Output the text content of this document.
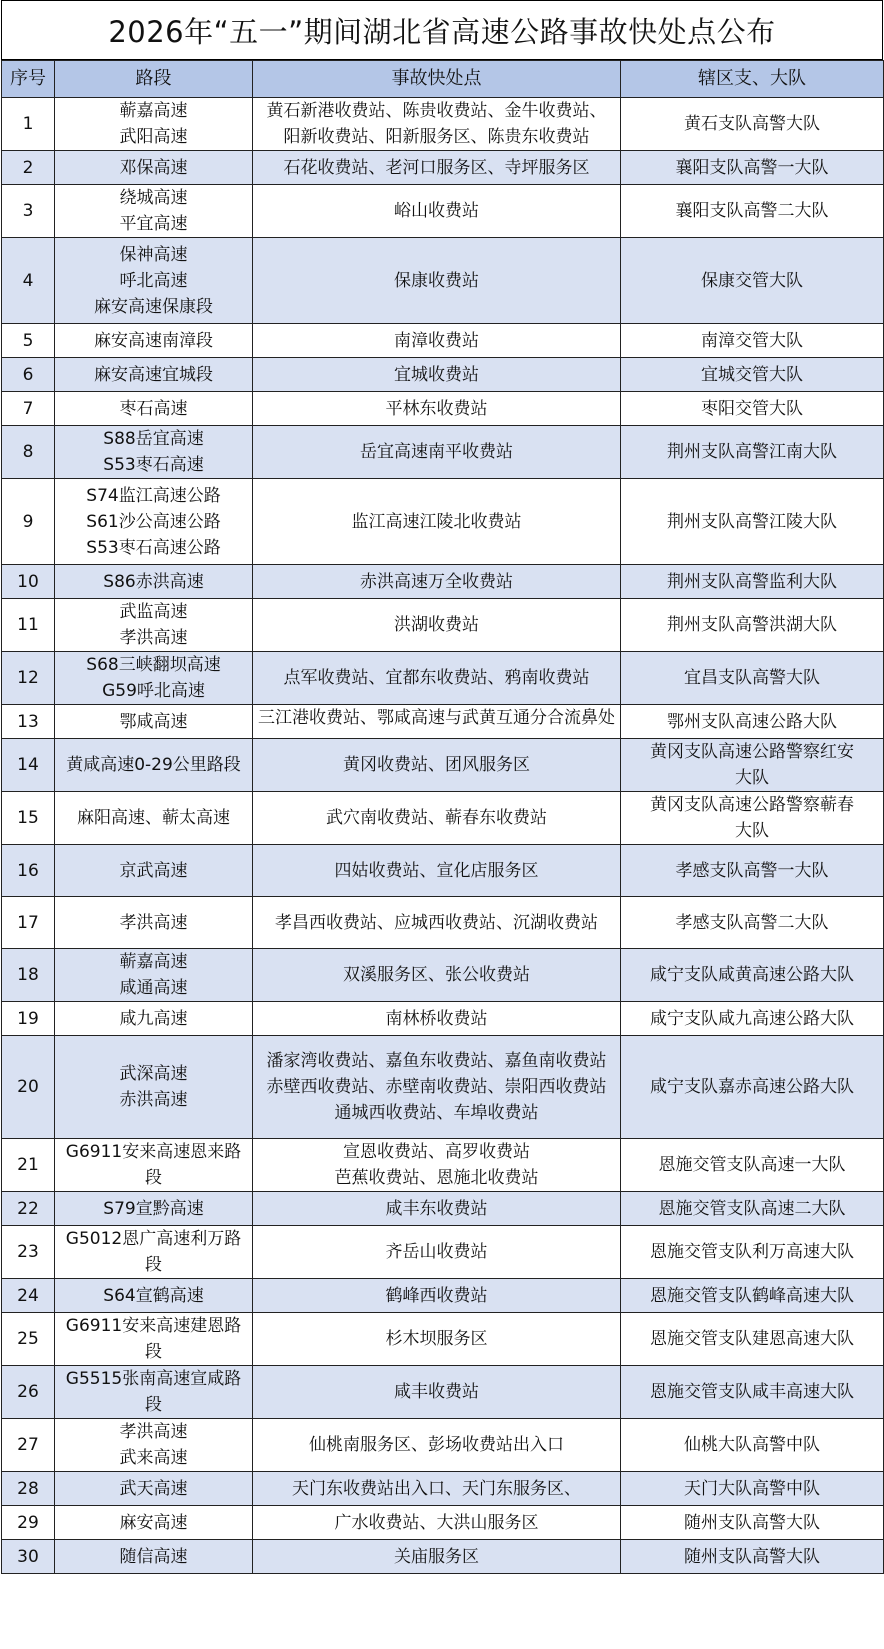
2026年“五一”期间湖北省高速公路事故快处点公布
序号	路段	事故快处点	辖区支、大队
1	蕲嘉高速
武阳高速	黄石新港收费站、陈贵收费站、金牛收费站、
阳新收费站、阳新服务区、陈贵东收费站	黄石支队高警大队

2	邓保高速	石花收费站、老河口服务区、寺坪服务区	襄阳支队高警一大队

3	绕城高速
平宜高速	峪山收费站	襄阳支队高警二大队

4	保神高速
呼北高速
麻安高速保康段	保康收费站	保康交管大队

5	麻安高速南漳段	南漳收费站	南漳交管大队

6	麻安高速宜城段	宜城收费站	宜城交管大队

7	枣石高速	平林东收费站	枣阳交管大队

8	S88岳宜高速
S53枣石高速	岳宜高速南平收费站	荆州支队高警江南大队

9	S74监江高速公路
S61沙公高速公路
S53枣石高速公路	监江高速江陵北收费站	荆州支队高警江陵大队

10	S86赤洪高速	赤洪高速万全收费站	荆州支队高警监利大队

11	武监高速
孝洪高速	洪湖收费站	荆州支队高警洪湖大队

12	S68三峡翻坝高速
G59呼北高速	点军收费站、宜都东收费站、鸦南收费站	宜昌支队高警大队

13	鄂咸高速	三江港收费站、鄂咸高速与武黄互通分合流鼻处	鄂州支队高速公路大队

14	黄咸高速0-29公里路段	黄冈收费站、团风服务区	黄冈支队高速公路警察红安
大队

15	麻阳高速、蕲太高速	武穴南收费站、蕲春东收费站	黄冈支队高速公路警察蕲春
大队

16	京武高速	四姑收费站、宣化店服务区	孝感支队高警一大队

17	孝洪高速	孝昌西收费站、应城西收费站、沉湖收费站	孝感支队高警二大队

18	蕲嘉高速
咸通高速	双溪服务区、张公收费站	咸宁支队咸黄高速公路大队

19	咸九高速	南林桥收费站	咸宁支队咸九高速公路大队

20	武深高速
赤洪高速	潘家湾收费站、嘉鱼东收费站、嘉鱼南收费站
赤壁西收费站、赤壁南收费站、崇阳西收费站
通城西收费站、车埠收费站	咸宁支队嘉赤高速公路大队

21	G6911安来高速恩来路
段	宣恩收费站、高罗收费站
芭蕉收费站、恩施北收费站	恩施交管支队高速一大队

22	S79宣黔高速	咸丰东收费站	恩施交管支队高速二大队

23	G5012恩广高速利万路
段	齐岳山收费站	恩施交管支队利万高速大队

24	S64宣鹤高速	鹤峰西收费站	恩施交管支队鹤峰高速大队

25	G6911安来高速建恩路
段	杉木坝服务区	恩施交管支队建恩高速大队

26	G5515张南高速宣咸路
段	咸丰收费站	恩施交管支队咸丰高速大队

27	孝洪高速
武来高速	仙桃南服务区、彭场收费站出入口	仙桃大队高警中队

28	武天高速	天门东收费站出入口、天门东服务区、	天门大队高警中队

29	麻安高速	广水收费站、大洪山服务区	随州支队高警大队

30	随信高速	关庙服务区	随州支队高警大队
